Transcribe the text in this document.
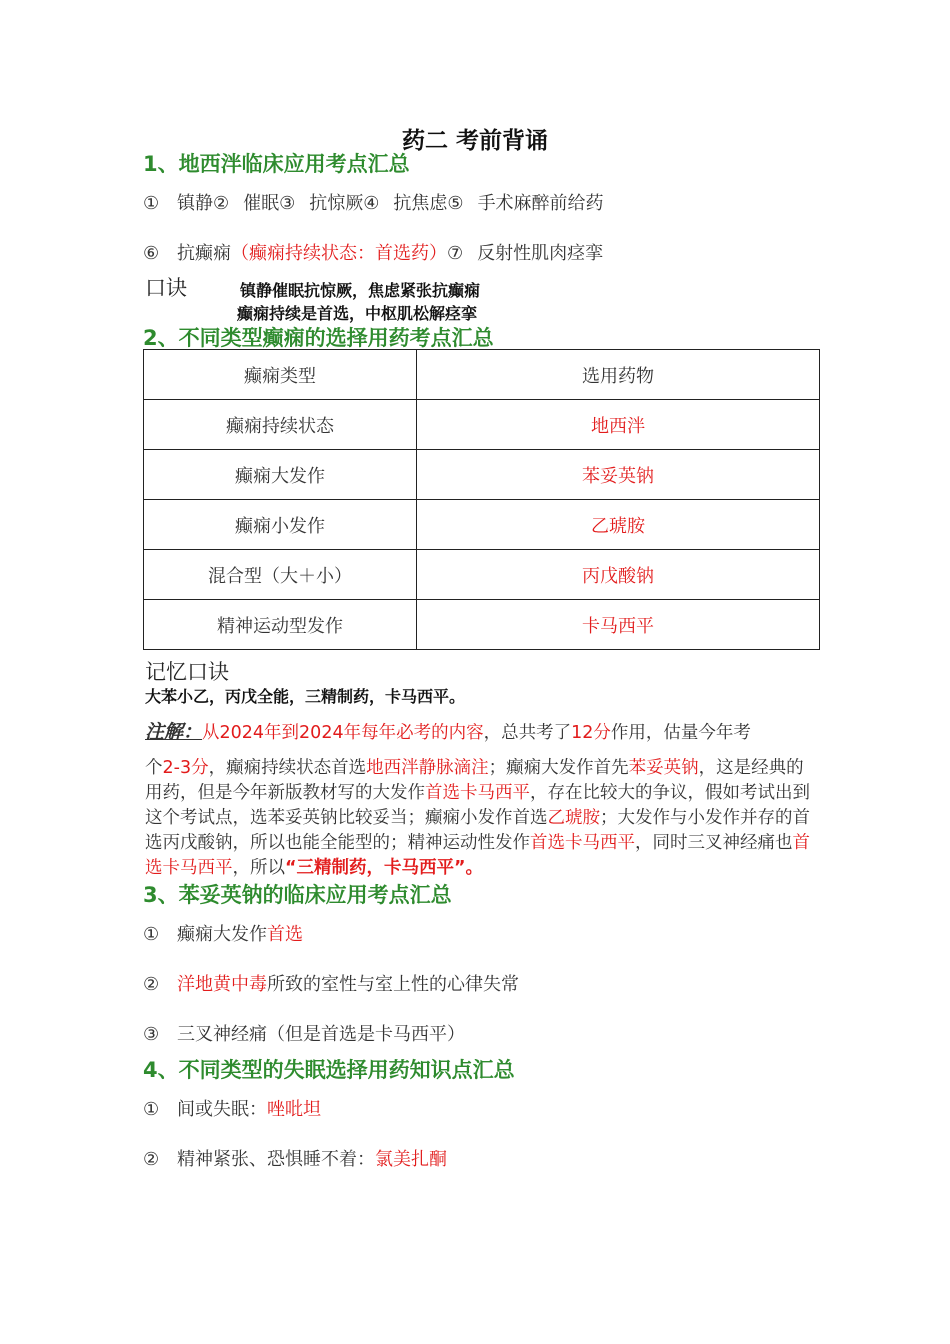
药二 考前背诵
1、地西泮临床应用考点汇总
① 镇静② 催眠③ 抗惊厥④ 抗焦虑⑤ 手术麻醉前给药
⑥ 抗癫痫（癫痫持续状态：首选药）⑦ 反射性肌肉痉挛
口诀	镇静催眠抗惊厥，焦虑紧张抗癫痫
癫痫持续是首选，中枢肌松解痉挛
2、不同类型癫痫的选择用药考点汇总
癫痫类型	选用药物
癫痫持续状态	地西泮
癫痫大发作	苯妥英钠
癫痫小发作	乙琥胺
混合型（大＋小）	丙戊酸钠
精神运动型发作	卡马西平
记忆口诀
大苯小乙，丙戊全能，三精制药，卡马西平。

注解：从2024年到2024年每年必考的内容，总共考了12分作用，估量今年考

个2-3分，癫痫持续状态首选地西泮静脉滴注；癫痫大发作首先苯妥英钠，这是经典的用药，但是今年新版教材写的大发作首选卡马西平，存在比较大的争议，假如考试出到这个考试点，选苯妥英钠比较妥当；癫痫小发作首选乙琥胺；大发作与小发作并存的首选丙戊酸钠，所以也能全能型的；精神运动性发作首选卡马西平，同时三叉神经痛也首选卡马西平，所以“三精制药，卡马西平”。

3、苯妥英钠的临床应用考点汇总
① 癫痫大发作首选
② 洋地黄中毒所致的室性与室上性的心律失常
③ 三叉神经痛（但是首选是卡马西平）
4、不同类型的失眠选择用药知识点汇总
① 间或失眠：唑吡坦
② 精神紧张、恐惧睡不着：氯美扎酮
